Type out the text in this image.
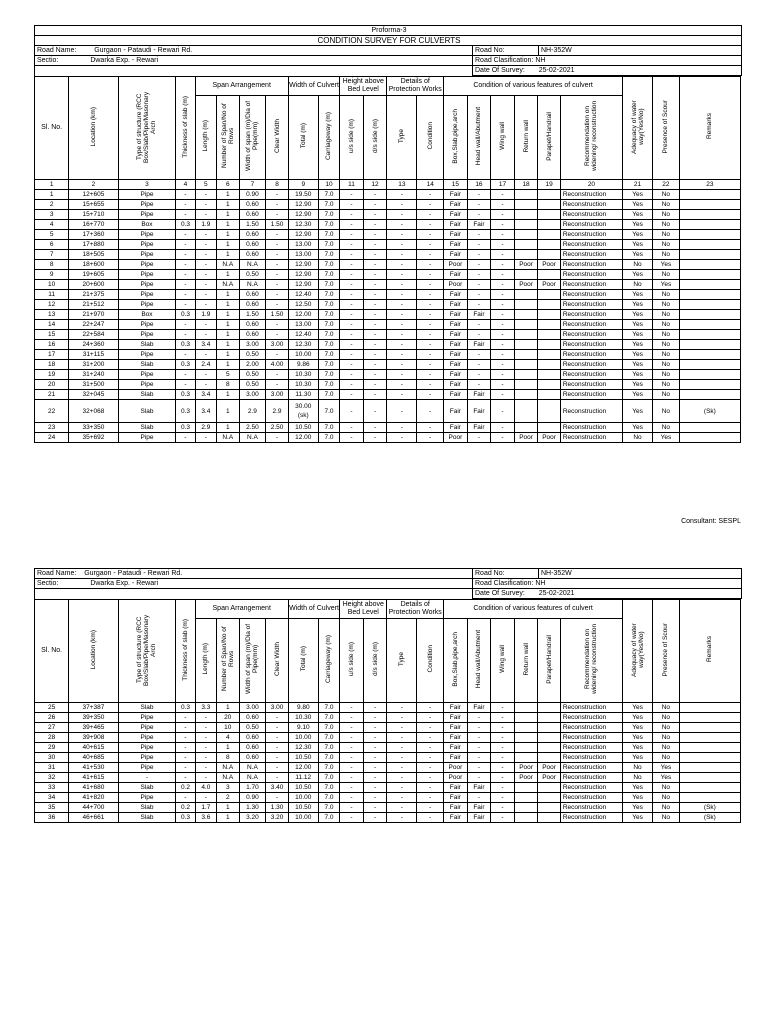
Proforma-3		
CONDITION SURVEY FOR CULVERTS		
Road Name: Gurgaon - Pataudi - Rewari Rd.	Road No:	NH-352W
Sectio: Dwarka Exp. - Rewari	Road Clasification: NH	
	Date Of Survey: 25-02-2021	
Sl. No.	Location (km)	Type of structure (RCC Box/Slab/Pipe/Masonary Arch	Thickness of slab (m)	Span Arrangement				Width of Culvert		Height above Bed Level		Details of Protection Works		Condition of various features of culvert						Adequacy of water way(Yes/No)	Presence of Scour	Remarks
				Length (m)	Number of Span/No of Rows	Width of span (m)/Dia of Pipe(mm)	Clear Width	Total (m)	Carriageway (m)	u/s side (m)	d/s side (m)	Type	Condition	Box,Slab,pipe,arch	Head wall/Abutment	Wing wall	Return wall	Parapet/Handrail	Recommendation on widening/ reconstruction			
1	2	3	4	5	6	7	8	9	10	11	12	13	14	15	16	17	18	19	20	21	22	23
1	12+605	Pipe	-	-	1	0.90	-	19.50	7.0	-	-	-	-	Fair	-	-			Reconstruction	Yes	No	
2	15+655	Pipe	-	-	1	0.60	-	12.90	7.0	-	-	-	-	Fair	-	-			Reconstruction	Yes	No	
3	15+710	Pipe	-	-	1	0.60	-	12.90	7.0	-	-	-	-	Fair	-	-			Reconstruction	Yes	No	
4	16+770	Box	0.3	1.9	1	1.50	1.50	12.30	7.0	-	-	-	-	Fair	Fair	-			Reconstruction	Yes	No	
5	17+360	Pipe	-	-	1	0.60	-	12.90	7.0	-	-	-	-	Fair	-	-			Reconstruction	Yes	No	
6	17+880	Pipe	-	-	1	0.60	-	13.00	7.0	-	-	-	-	Fair	-	-			Reconstruction	Yes	No	
7	18+505	Pipe	-	-	1	0.60	-	13.00	7.0	-	-	-	-	Fair	-	-			Reconstruction	Yes	No	
8	18+600	Pipe	-	-	N.A	N.A	-	12.90	7.0	-	-	-	-	Poor	-	-	Poor	Poor	Reconstruction	No	Yes	
9	19+605	Pipe	-	-	1	0.50	-	12.90	7.0	-	-	-	-	Fair	-	-			Reconstruction	Yes	No	
10	20+600	Pipe	-	-	N.A	N.A	-	12.90	7.0	-	-	-	-	Poor	-	-	Poor	Poor	Reconstruction	No	Yes	
11	21+375	Pipe	-	-	1	0.60	-	12.40	7.0	-	-	-	-	Fair	-	-			Reconstruction	Yes	No	
12	21+512	Pipe	-	-	1	0.60	-	12.50	7.0	-	-	-	-	Fair	-	-			Reconstruction	Yes	No	
13	21+970	Box	0.3	1.9	1	1.50	1.50	12.00	7.0	-	-	-	-	Fair	Fair	-			Reconstruction	Yes	No	
14	22+247	Pipe	-	-	1	0.60	-	13.00	7.0	-	-	-	-	Fair	-	-			Reconstruction	Yes	No	
15	22+584	Pipe	-	-	1	0.60	-	12.40	7.0	-	-	-	-	Fair	-	-			Reconstruction	Yes	No	
16	24+360	Slab	0.3	3.4	1	3.00	3.00	12.30	7.0	-	-	-	-	Fair	Fair	-			Reconstruction	Yes	No	
17	31+115	Pipe	-	-	1	0.50	-	10.00	7.0	-	-	-	-	Fair	-	-			Reconstruction	Yes	No	
18	31+200	Slab	0.3	2.4	1	2.00	4.00	9.86	7.0	-	-	-	-	Fair	-	-			Reconstruction	Yes	No	
19	31+240	Pipe	-	-	5	0.50	-	10.30	7.0	-	-	-	-	Fair	-	-			Reconstruction	Yes	No	
20	31+500	Pipe	-	-	8	0.50	-	10.30	7.0	-	-	-	-	Fair	-	-			Reconstruction	Yes	No	
21	32+045	Slab	0.3	3.4	1	3.00	3.00	11.30	7.0	-	-	-	-	Fair	Fair	-			Reconstruction	Yes	No	
22	32+068	Slab	0.3	3.4	1	2.9	2.9	30.00
(sk)	7.0	-	-	-	-	Fair	Fair	-			Reconstruction	Yes	No	(Sk)
23	33+350	Slab	0.3	2.9	1	2.50	2.50	10.50	7.0	-	-	-	-	Fair	Fair	-			Reconstruction	Yes	No	
24	35+692	Pipe	-	-	N.A	N.A	-	12.00	7.0	-	-	-	-	Poor	-	-	Poor	Poor	Reconstruction	No	Yes	
Consultant: SESPL
Road Name: Gurgaon - Pataudi - Rewari Rd.	Road No:	NH-352W
Sectio: Dwarka Exp. - Rewari	Road Clasification: NH	
	Date Of Survey: 25-02-2021	
Sl. No.	Location (km)	Type of structure (RCC Box/Slab/Pipe/Masonary Arch	Thickness of slab (m)	Span Arrangement				Width of Culvert		Height above Bed Level		Details of Protection Works		Condition of various features of culvert						Adequacy of water way(Yes/No)	Presence of Scour	Remarks
				Length (m)	Number of Span/No of Rows	Width of span (m)/Dia of Pipe(mm)	Clear Width	Total (m)	Carriageway (m)	u/s side (m)	d/s side (m)	Type	Condition	Box,Slab,pipe,arch	Head wall/Abutment	Wing wall	Return wall	Parapet/Handrail	Recommendation on widening/ reconstruction			
25	37+387	Slab	0.3	3.3	1	3.00	3.00	9.80	7.0	-	-	-	-	Fair	Fair	-			Reconstruction	Yes	No	
26	39+350	Pipe	-	-	20	0.60	-	10.30	7.0	-	-	-	-	Fair	-	-			Reconstruction	Yes	No	
27	39+465	Pipe	-	-	10	0.50	-	9.10	7.0	-	-	-	-	Fair	-	-			Reconstruction	Yes	No	
28	39+908	Pipe	-	-	4	0.60	-	10.00	7.0	-	-	-	-	Fair	-	-			Reconstruction	Yes	No	
29	40+615	Pipe	-	-	1	0.60	-	12.30	7.0	-	-	-	-	Fair	-	-			Reconstruction	Yes	No	
30	40+685	Pipe	-	-	8	0.60	-	10.50	7.0	-	-	-	-	Fair	-	-			Reconstruction	Yes	No	
31	41+530	Pipe	-	-	N.A	N.A	-	12.00	7.0	-	-	-	-	Poor	-	-	Poor	Poor	Reconstruction	No	Yes	
32	41+615	-	-	-	N.A	N.A	-	11.12	7.0	-	-	-	-	Poor	-	-	Poor	Poor	Reconstruction	No	Yes	
33	41+680	Slab	0.2	4.0	3	1.70	3.40	10.50	7.0	-	-	-	-	Fair	Fair	-			Reconstruction	Yes	No	
34	41+820	Pipe	-	-	2	0.90	-	10.00	7.0	-	-	-	-	Fair	-	-			Reconstruction	Yes	No	
35	44+700	Slab	0.2	1.7	1	1.30	1.30	10.50	7.0	-	-	-	-	Fair	Fair	-			Reconstruction	Yes	No	(Sk)
36	46+661	Slab	0.3	3.6	1	3.20	3.20	10.00	7.0	-	-	-	-	Fair	Fair	-			Reconstruction	Yes	No	(Sk)
